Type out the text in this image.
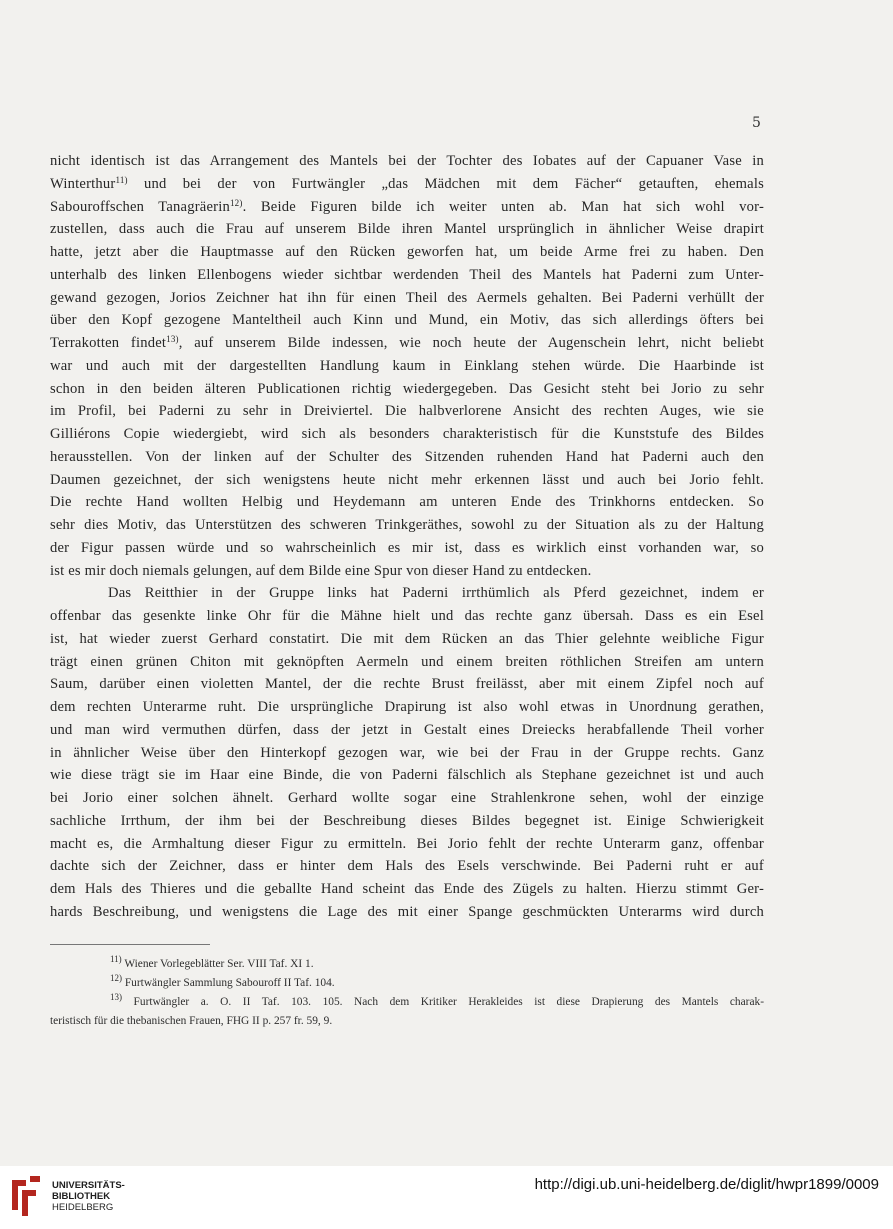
5
nicht identisch ist das Arrangement des Mantels bei der Tochter des Iobates auf der Capuaner Vase in
Winterthur$^{11)}$ und bei der von Furtwängler „das Mädchen mit dem Fächer“ getauften, ehemals
Sabouroffschen Tanagräerin$^{12)}$. Beide Figuren bilde ich weiter unten ab. Man hat sich wohl vor-
zustellen, dass auch die Frau auf unserem Bilde ihren Mantel ursprünglich in ähnlicher Weise drapirt
hatte, jetzt aber die Hauptmasse auf den Rücken geworfen hat, um beide Arme frei zu haben. Den
unterhalb des linken Ellenbogens wieder sichtbar werdenden Theil des Mantels hat Paderni zum Unter-
gewand gezogen, Jorios Zeichner hat ihn für einen Theil des Aermels gehalten. Bei Paderni verhüllt der
über den Kopf gezogene Manteltheil auch Kinn und Mund, ein Motiv, das sich allerdings öfters bei
Terrakotten findet$^{13)}$, auf unserem Bilde indessen, wie noch heute der Augenschein lehrt, nicht beliebt
war und auch mit der dargestellten Handlung kaum in Einklang stehen würde. Die Haarbinde ist
schon in den beiden älteren Publicationen richtig wiedergegeben. Das Gesicht steht bei Jorio zu sehr
im Profil, bei Paderni zu sehr in Dreiviertel. Die halbverlorene Ansicht des rechten Auges, wie sie
Gilliérons Copie wiedergiebt, wird sich als besonders charakteristisch für die Kunststufe des Bildes
herausstellen. Von der linken auf der Schulter des Sitzenden ruhenden Hand hat Paderni auch den
Daumen gezeichnet, der sich wenigstens heute nicht mehr erkennen lässt und auch bei Jorio fehlt.
Die rechte Hand wollten Helbig und Heydemann am unteren Ende des Trinkhorns entdecken. So
sehr dies Motiv, das Unterstützen des schweren Trinkgeräthes, sowohl zu der Situation als zu der Haltung
der Figur passen würde und so wahrscheinlich es mir ist, dass es wirklich einst vorhanden war, so
ist es mir doch niemals gelungen, auf dem Bilde eine Spur von dieser Hand zu entdecken.
Das Reitthier in der Gruppe links hat Paderni irrthümlich als Pferd gezeichnet, indem er
offenbar das gesenkte linke Ohr für die Mähne hielt und das rechte ganz übersah. Dass es ein Esel
ist, hat wieder zuerst Gerhard constatirt. Die mit dem Rücken an das Thier gelehnte weibliche Figur
trägt einen grünen Chiton mit geknöpften Aermeln und einem breiten röthlichen Streifen am untern
Saum, darüber einen violetten Mantel, der die rechte Brust freilässt, aber mit einem Zipfel noch auf
dem rechten Unterarme ruht. Die ursprüngliche Drapirung ist also wohl etwas in Unordnung gerathen,
und man wird vermuthen dürfen, dass der jetzt in Gestalt eines Dreiecks herabfallende Theil vorher
in ähnlicher Weise über den Hinterkopf gezogen war, wie bei der Frau in der Gruppe rechts. Ganz
wie diese trägt sie im Haar eine Binde, die von Paderni fälschlich als Stephane gezeichnet ist und auch
bei Jorio einer solchen ähnelt. Gerhard wollte sogar eine Strahlenkrone sehen, wohl der einzige
sachliche Irrthum, der ihm bei der Beschreibung dieses Bildes begegnet ist. Einige Schwierigkeit
macht es, die Armhaltung dieser Figur zu ermitteln. Bei Jorio fehlt der rechte Unterarm ganz, offenbar
dachte sich der Zeichner, dass er hinter dem Hals des Esels verschwinde. Bei Paderni ruht er auf
dem Hals des Thieres und die geballte Hand scheint das Ende des Zügels zu halten. Hierzu stimmt Ger-
hards Beschreibung, und wenigstens die Lage des mit einer Spange geschmückten Unterarms wird durch
$^{11)}$ Wiener Vorlegeblätter Ser. VIII Taf. XI 1.
$^{12)}$ Furtwängler Sammlung Sabouroff II Taf. 104.
$^{13)}$ Furtwängler a. O. II Taf. 103. 105. Nach dem Kritiker Herakleides ist diese Drapierung des Mantels charak-
teristisch für die thebanischen Frauen, FHG II p. 257 fr. 59, 9.
UNIVERSITÄTS-
BIBLIOTHEK
HEIDELBERG
http://digi.ub.uni-heidelberg.de/diglit/hwpr1899/0009
